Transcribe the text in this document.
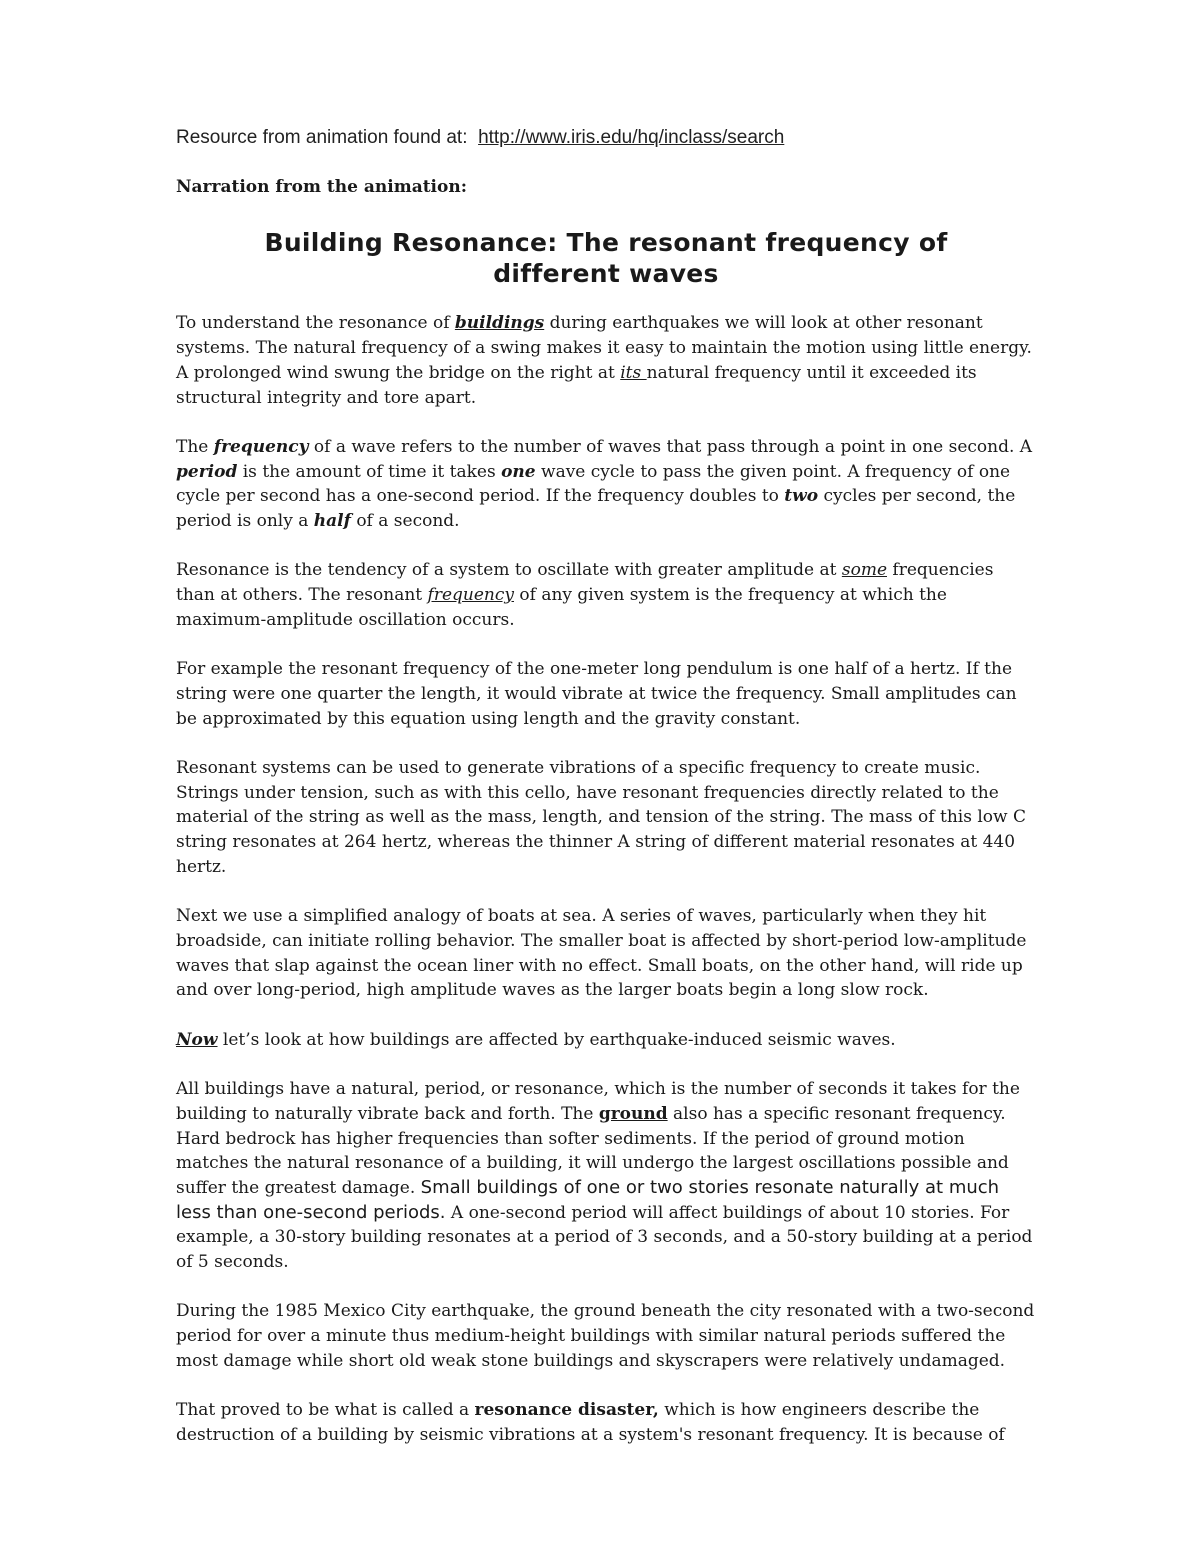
Resource from animation found at: http://www.iris.edu/hq/inclass/search
Narration from the animation:
Building Resonance: The resonant frequency of different waves

To understand the resonance of buildings during earthquakes we will look at other resonant systems. The natural frequency of a swing makes it easy to maintain the motion using little energy. A prolonged wind swung the bridge on the right at its natural frequency until it exceeded its structural integrity and tore apart.

The frequency of a wave refers to the number of waves that pass through a point in one second. A period is the amount of time it takes one wave cycle to pass the given point. A frequency of one cycle per second has a one-second period. If the frequency doubles to two cycles per second, the period is only a half of a second.

Resonance is the tendency of a system to oscillate with greater amplitude at some frequencies than at others. The resonant frequency of any given system is the frequency at which the maximum-amplitude oscillation occurs.

For example the resonant frequency of the one-meter long pendulum is one half of a hertz. If the string were one quarter the length, it would vibrate at twice the frequency. Small amplitudes can be approximated by this equation using length and the gravity constant.

Resonant systems can be used to generate vibrations of a specific frequency to create music. Strings under tension, such as with this cello, have resonant frequencies directly related to the material of the string as well as the mass, length, and tension of the string. The mass of this low C string resonates at 264 hertz, whereas the thinner A string of different material resonates at 440 hertz.

Next we use a simplified analogy of boats at sea. A series of waves, particularly when they hit broadside, can initiate rolling behavior. The smaller boat is affected by short-period low-amplitude waves that slap against the ocean liner with no effect. Small boats, on the other hand, will ride up and over long-period, high amplitude waves as the larger boats begin a long slow rock.

Now let’s look at how buildings are affected by earthquake-induced seismic waves.

All buildings have a natural, period, or resonance, which is the number of seconds it takes for the building to naturally vibrate back and forth. The ground also has a specific resonant frequency. Hard bedrock has higher frequencies than softer sediments. If the period of ground motion matches the natural resonance of a building, it will undergo the largest oscillations possible and suffer the greatest damage. Small buildings of one or two stories resonate naturally at much less than one-second periods. A one-second period will affect buildings of about 10 stories. For example, a 30-story building resonates at a period of 3 seconds, and a 50-story building at a period of 5 seconds.

During the 1985 Mexico City earthquake, the ground beneath the city resonated with a two-second period for over a minute thus medium-height buildings with similar natural periods suffered the most damage while short old weak stone buildings and skyscrapers were relatively undamaged.

That proved to be what is called a resonance disaster, which is how engineers describe the destruction of a building by seismic vibrations at a system's resonant frequency. It is because of
